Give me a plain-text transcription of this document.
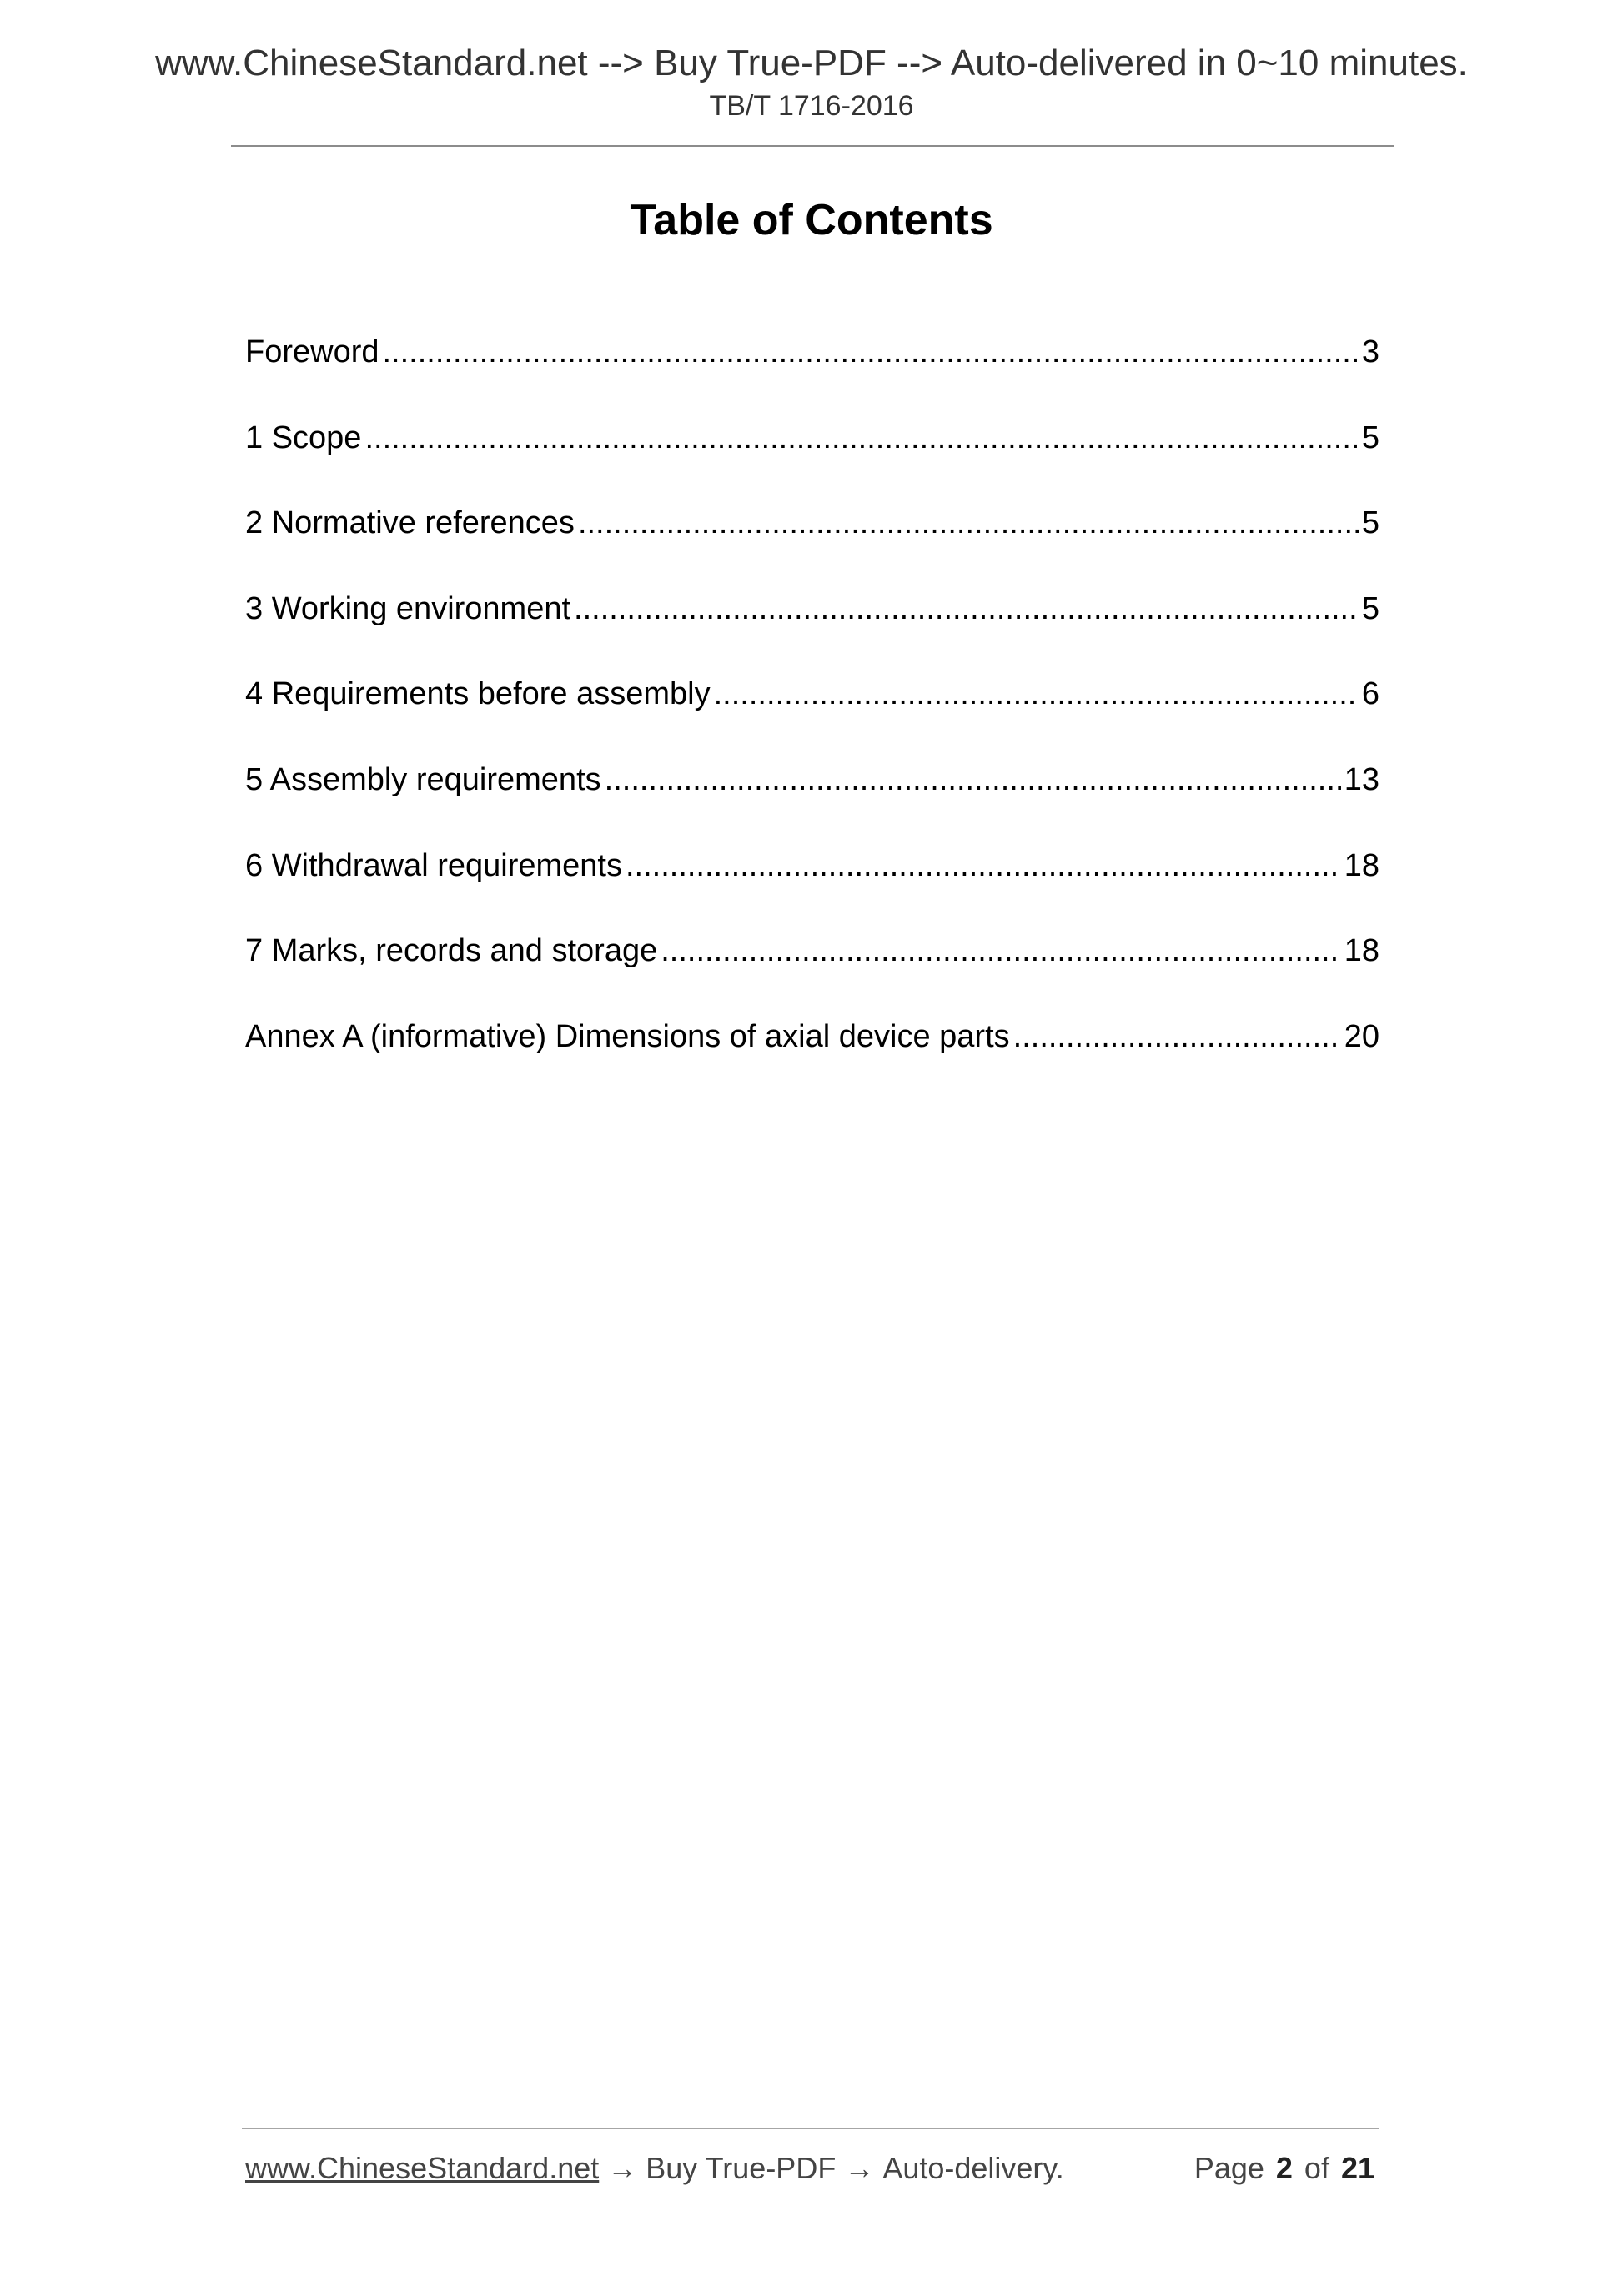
www.ChineseStandard.net --> Buy True-PDF --> Auto-delivered in 0~10 minutes.
TB/T 1716-2016
Table of Contents
Foreword .....	3
1 Scope .....	5
2 Normative references .....	5
3 Working environment .....	5
4 Requirements before assembly .....	6
5 Assembly requirements .....	13
6 Withdrawal requirements .....	18
7 Marks, records and storage .....	18
Annex A (informative) Dimensions of axial device parts .....	20
www.ChineseStandard.net → Buy True-PDF → Auto-delivery.	Page 2 of 21
